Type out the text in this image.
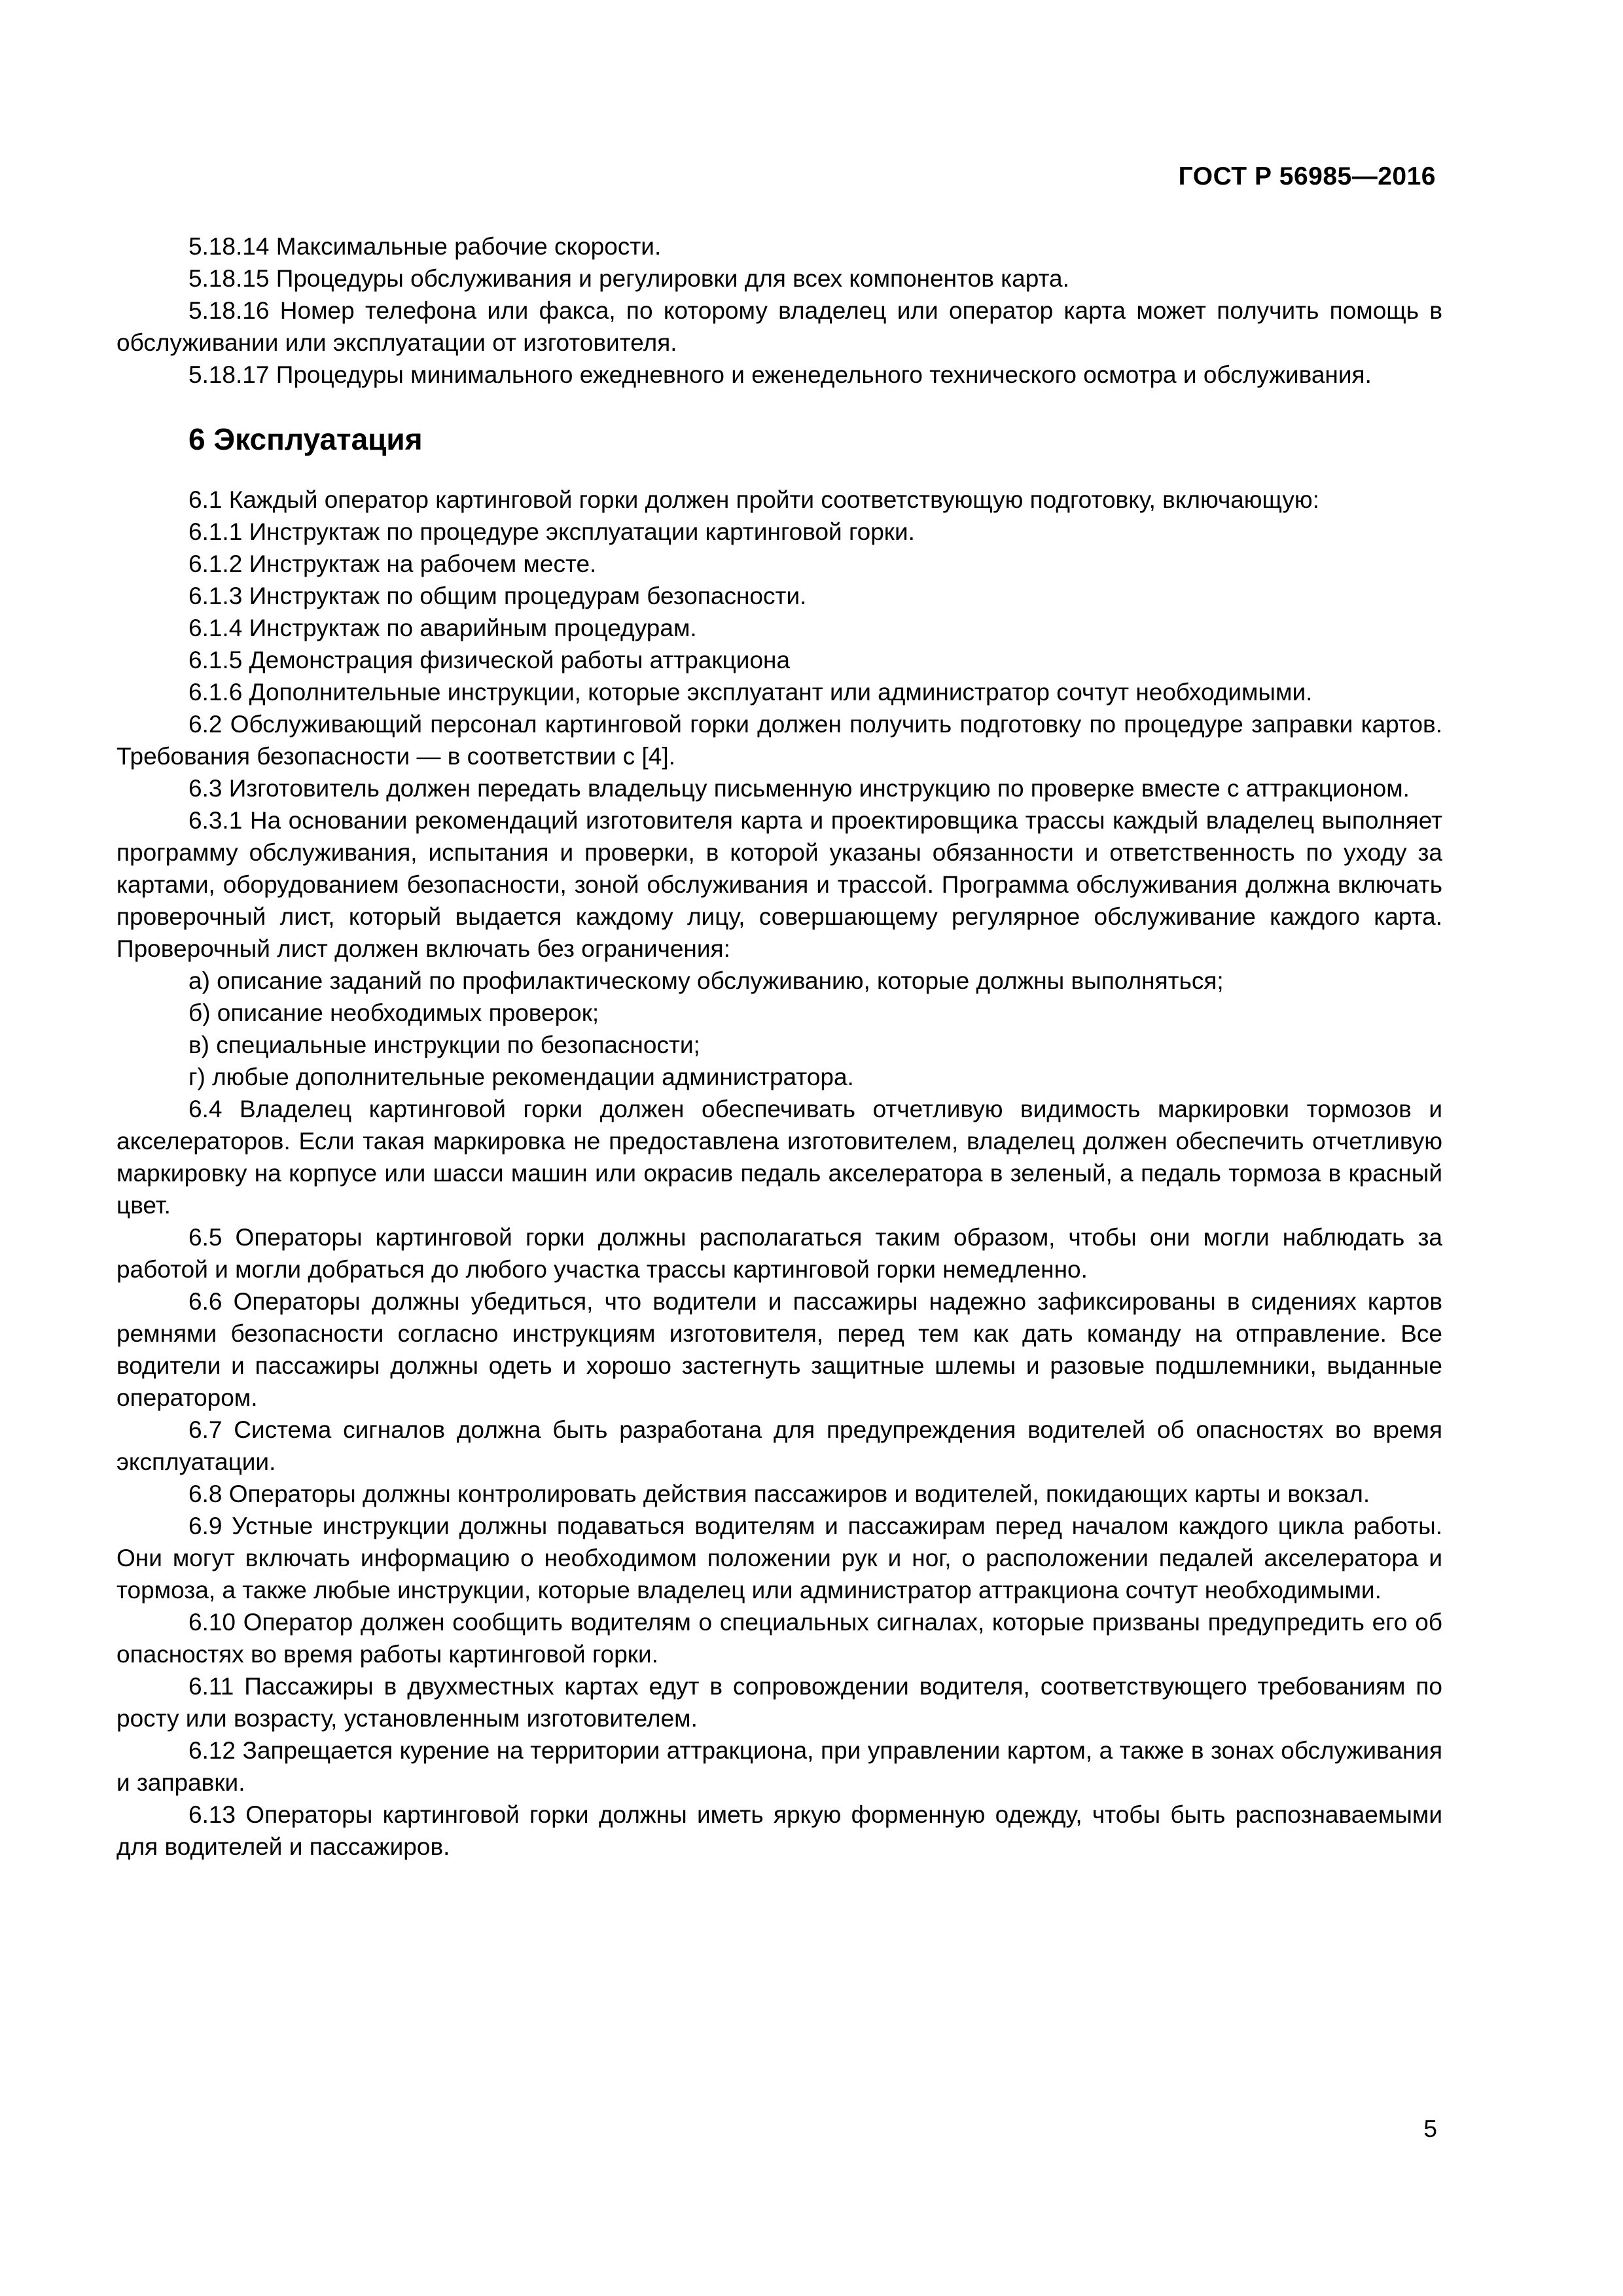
ГОСТ Р 56985—2016

5.18.14 Максимальные рабочие скорости.

5.18.15 Процедуры обслуживания и регулировки для всех компонентов карта.

5.18.16 Номер телефона или факса, по которому владелец или оператор карта может получить помощь в обслуживании или эксплуатации от изготовителя.

5.18.17 Процедуры минимального ежедневного и еженедельного технического осмотра и обслуживания.

6 Эксплуатация

6.1 Каждый оператор картинговой горки должен пройти соответствующую подготовку, включающую:

6.1.1 Инструктаж по процедуре эксплуатации картинговой горки.

6.1.2 Инструктаж на рабочем месте.

6.1.3 Инструктаж по общим процедурам безопасности.

6.1.4 Инструктаж по аварийным процедурам.

6.1.5 Демонстрация физической работы аттракциона

6.1.6 Дополнительные инструкции, которые эксплуатант или администратор сочтут необходимыми.

6.2 Обслуживающий персонал картинговой горки должен получить подготовку по процедуре заправки картов. Требования безопасности — в соответствии с [4].

6.3 Изготовитель должен передать владельцу письменную инструкцию по проверке вместе с аттракционом.

6.3.1 На основании рекомендаций изготовителя карта и проектировщика трассы каждый владелец выполняет программу обслуживания, испытания и проверки, в которой указаны обязанности и ответственность по уходу за картами, оборудованием безопасности, зоной обслуживания и трассой. Программа обслуживания должна включать проверочный лист, который выдается каждому лицу, совершающему регулярное обслуживание каждого карта. Проверочный лист должен включать без ограничения:

а) описание заданий по профилактическому обслуживанию, которые должны выполняться;

б) описание необходимых проверок;

в) специальные инструкции по безопасности;

г) любые дополнительные рекомендации администратора.

6.4 Владелец картинговой горки должен обеспечивать отчетливую видимость маркировки тормозов и акселераторов. Если такая маркировка не предоставлена изготовителем, владелец должен обеспечить отчетливую маркировку на корпусе или шасси машин или окрасив педаль акселератора в зеленый, а педаль тормоза в красный цвет.

6.5 Операторы картинговой горки должны располагаться таким образом, чтобы они могли наблюдать за работой и могли добраться до любого участка трассы картинговой горки немедленно.

6.6 Операторы должны убедиться, что водители и пассажиры надежно зафиксированы в сидениях картов ремнями безопасности согласно инструкциям изготовителя, перед тем как дать команду на отправление. Все водители и пассажиры должны одеть и хорошо застегнуть защитные шлемы и разовые подшлемники, выданные оператором.

6.7 Система сигналов должна быть разработана для предупреждения водителей об опасностях во время эксплуатации.

6.8 Операторы должны контролировать действия пассажиров и водителей, покидающих карты и вокзал.

6.9 Устные инструкции должны подаваться водителям и пассажирам перед началом каждого цикла работы. Они могут включать информацию о необходимом положении рук и ног, о расположении педалей акселератора и тормоза, а также любые инструкции, которые владелец или администратор аттракциона сочтут необходимыми.

6.10 Оператор должен сообщить водителям о специальных сигналах, которые призваны предупредить его об опасностях во время работы картинговой горки.

6.11 Пассажиры в двухместных картах едут в сопровождении водителя, соответствующего требованиям по росту или возрасту, установленным изготовителем.

6.12 Запрещается курение на территории аттракциона, при управлении картом, а также в зонах обслуживания и заправки.

6.13 Операторы картинговой горки должны иметь яркую форменную одежду, чтобы быть распознаваемыми для водителей и пассажиров.

5
